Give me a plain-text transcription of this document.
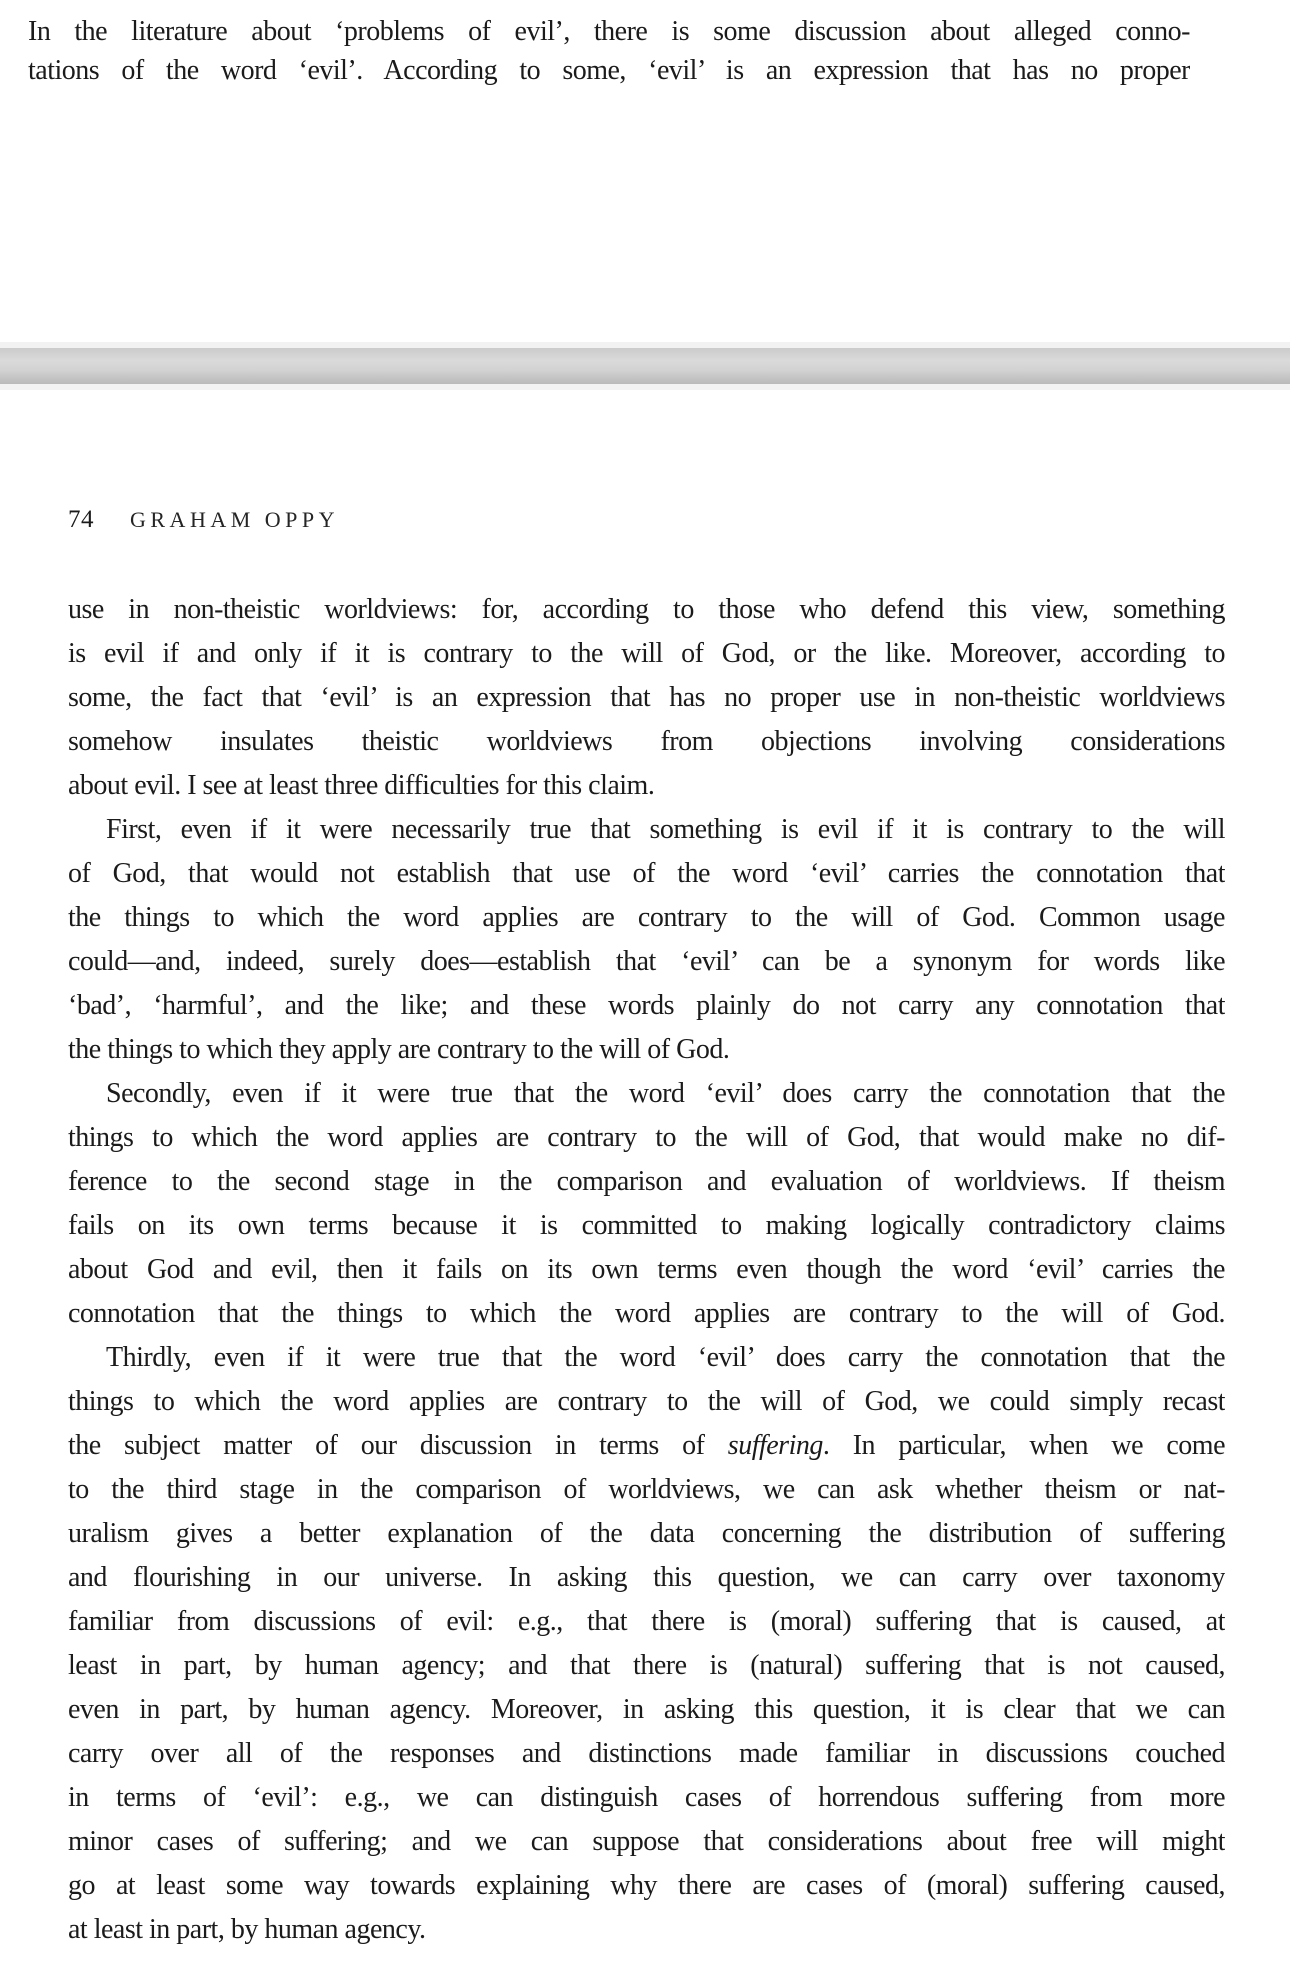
In the literature about ‘problems of evil’, there is some discussion about alleged conno-
tations of the word ‘evil’. According to some, ‘evil’ is an expression that has no proper
74 GRAHAM OPPY
use in non-theistic worldviews: for, according to those who defend this view, something
is evil if and only if it is contrary to the will of God, or the like. Moreover, according to
some, the fact that ‘evil’ is an expression that has no proper use in non-theistic worldviews
somehow insulates theistic worldviews from objections involving considerations
about evil. I see at least three difficulties for this claim.
First, even if it were necessarily true that something is evil if it is contrary to the will
of God, that would not establish that use of the word ‘evil’ carries the connotation that
the things to which the word applies are contrary to the will of God. Common usage
could—and, indeed, surely does—establish that ‘evil’ can be a synonym for words like
‘bad’, ‘harmful’, and the like; and these words plainly do not carry any connotation that
the things to which they apply are contrary to the will of God.
Secondly, even if it were true that the word ‘evil’ does carry the connotation that the
things to which the word applies are contrary to the will of God, that would make no dif-
ference to the second stage in the comparison and evaluation of worldviews. If theism
fails on its own terms because it is committed to making logically contradictory claims
about God and evil, then it fails on its own terms even though the word ‘evil’ carries the
connotation that the things to which the word applies are contrary to the will of God.
Thirdly, even if it were true that the word ‘evil’ does carry the connotation that the
things to which the word applies are contrary to the will of God, we could simply recast
the subject matter of our discussion in terms of suffering. In particular, when we come
to the third stage in the comparison of worldviews, we can ask whether theism or nat-
uralism gives a better explanation of the data concerning the distribution of suffering
and flourishing in our universe. In asking this question, we can carry over taxonomy
familiar from discussions of evil: e.g., that there is (moral) suffering that is caused, at
least in part, by human agency; and that there is (natural) suffering that is not caused,
even in part, by human agency. Moreover, in asking this question, it is clear that we can
carry over all of the responses and distinctions made familiar in discussions couched
in terms of ‘evil’: e.g., we can distinguish cases of horrendous suffering from more
minor cases of suffering; and we can suppose that considerations about free will might
go at least some way towards explaining why there are cases of (moral) suffering caused,
at least in part, by human agency.
